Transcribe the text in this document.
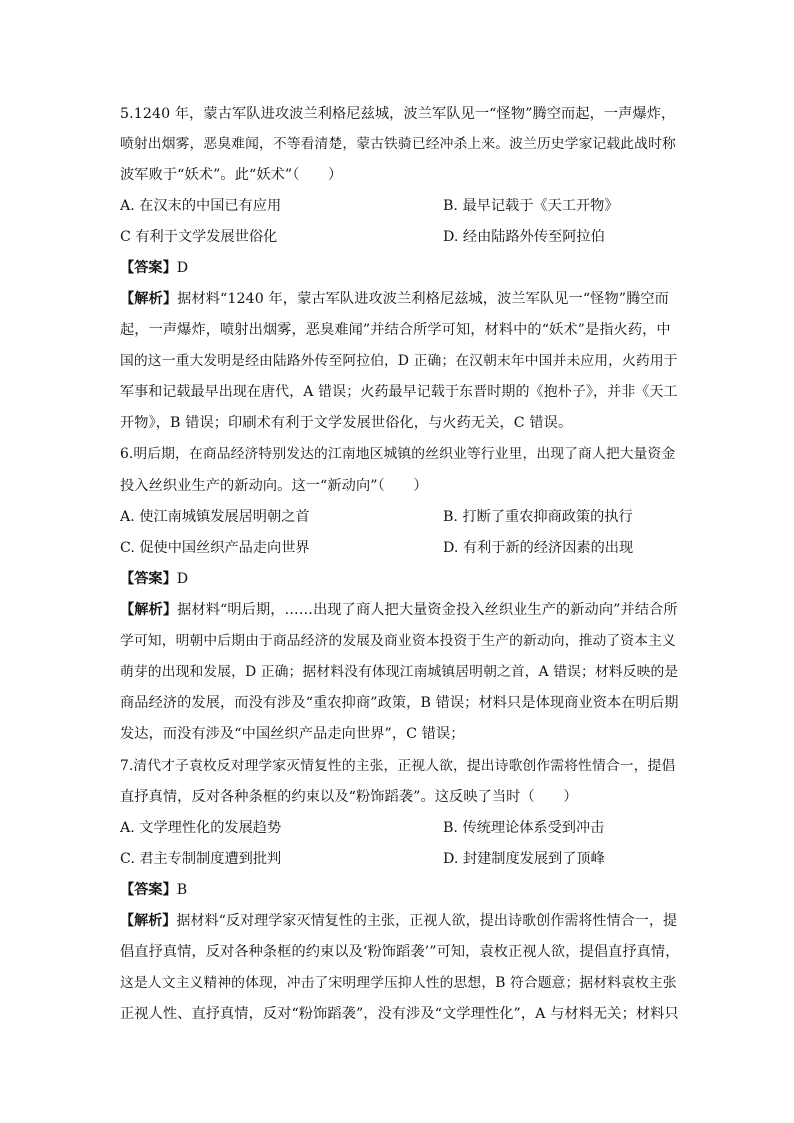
5.1240 年，蒙古军队进攻波兰利格尼兹城，波兰军队见一“怪物”腾空而起，一声爆炸，
喷射出烟雾，恶臭难闻，不等看清楚，蒙古铁骑已经冲杀上来。波兰历史学家记载此战时称
波军败于“妖术”。此“妖术”（　　）
A. 在汉末的中国已有应用	B. 最早记载于《天工开物》
C 有利于文学发展世俗化	D. 经由陆路外传至阿拉伯
【答案】D
【解析】据材料“1240 年，蒙古军队进攻波兰利格尼兹城，波兰军队见一“怪物”腾空而
起，一声爆炸，喷射出烟雾，恶臭难闻”并结合所学可知，材料中的“妖术”是指火药，中
国的这一重大发明是经由陆路外传至阿拉伯，D 正确；在汉朝末年中国并未应用，火药用于
军事和记载最早出现在唐代，A 错误；火药最早记载于东晋时期的《抱朴子》，并非《天工
开物》，B 错误；印刷术有利于文学发展世俗化，与火药无关，C 错误。
6.明后期，在商品经济特别发达的江南地区城镇的丝织业等行业里，出现了商人把大量资金
投入丝织业生产的新动向。这一“新动向”（　　）
A. 使江南城镇发展居明朝之首	B. 打断了重农抑商政策的执行
C. 促使中国丝织产品走向世界	D. 有利于新的经济因素的出现
【答案】D
【解析】据材料“明后期，……出现了商人把大量资金投入丝织业生产的新动向”并结合所
学可知，明朝中后期由于商品经济的发展及商业资本投资于生产的新动向，推动了资本主义
萌芽的出现和发展，D 正确；据材料没有体现江南城镇居明朝之首，A 错误；材料反映的是
商品经济的发展，而没有涉及“重农抑商”政策，B 错误；材料只是体现商业资本在明后期
发达，而没有涉及“中国丝织产品走向世界”，C 错误；
7.清代才子袁枚反对理学家灭情复性的主张，正视人欲，提出诗歌创作需将性情合一，提倡
直抒真情，反对各种条框的约束以及“粉饰蹈袭”。这反映了当时（　　）
A. 文学理性化的发展趋势	B. 传统理论体系受到冲击
C. 君主专制制度遭到批判	D. 封建制度发展到了顶峰
【答案】B
【解析】据材料“反对理学家灭情复性的主张，正视人欲，提出诗歌创作需将性情合一，提
倡直抒真情，反对各种条框的约束以及‘粉饰蹈袭’”可知，袁枚正视人欲，提倡直抒真情，
这是人文主义精神的体现，冲击了宋明理学压抑人性的思想，B 符合题意；据材料袁枚主张
正视人性、直抒真情，反对“粉饰蹈袭”，没有涉及“文学理性化”，A 与材料无关；材料只
